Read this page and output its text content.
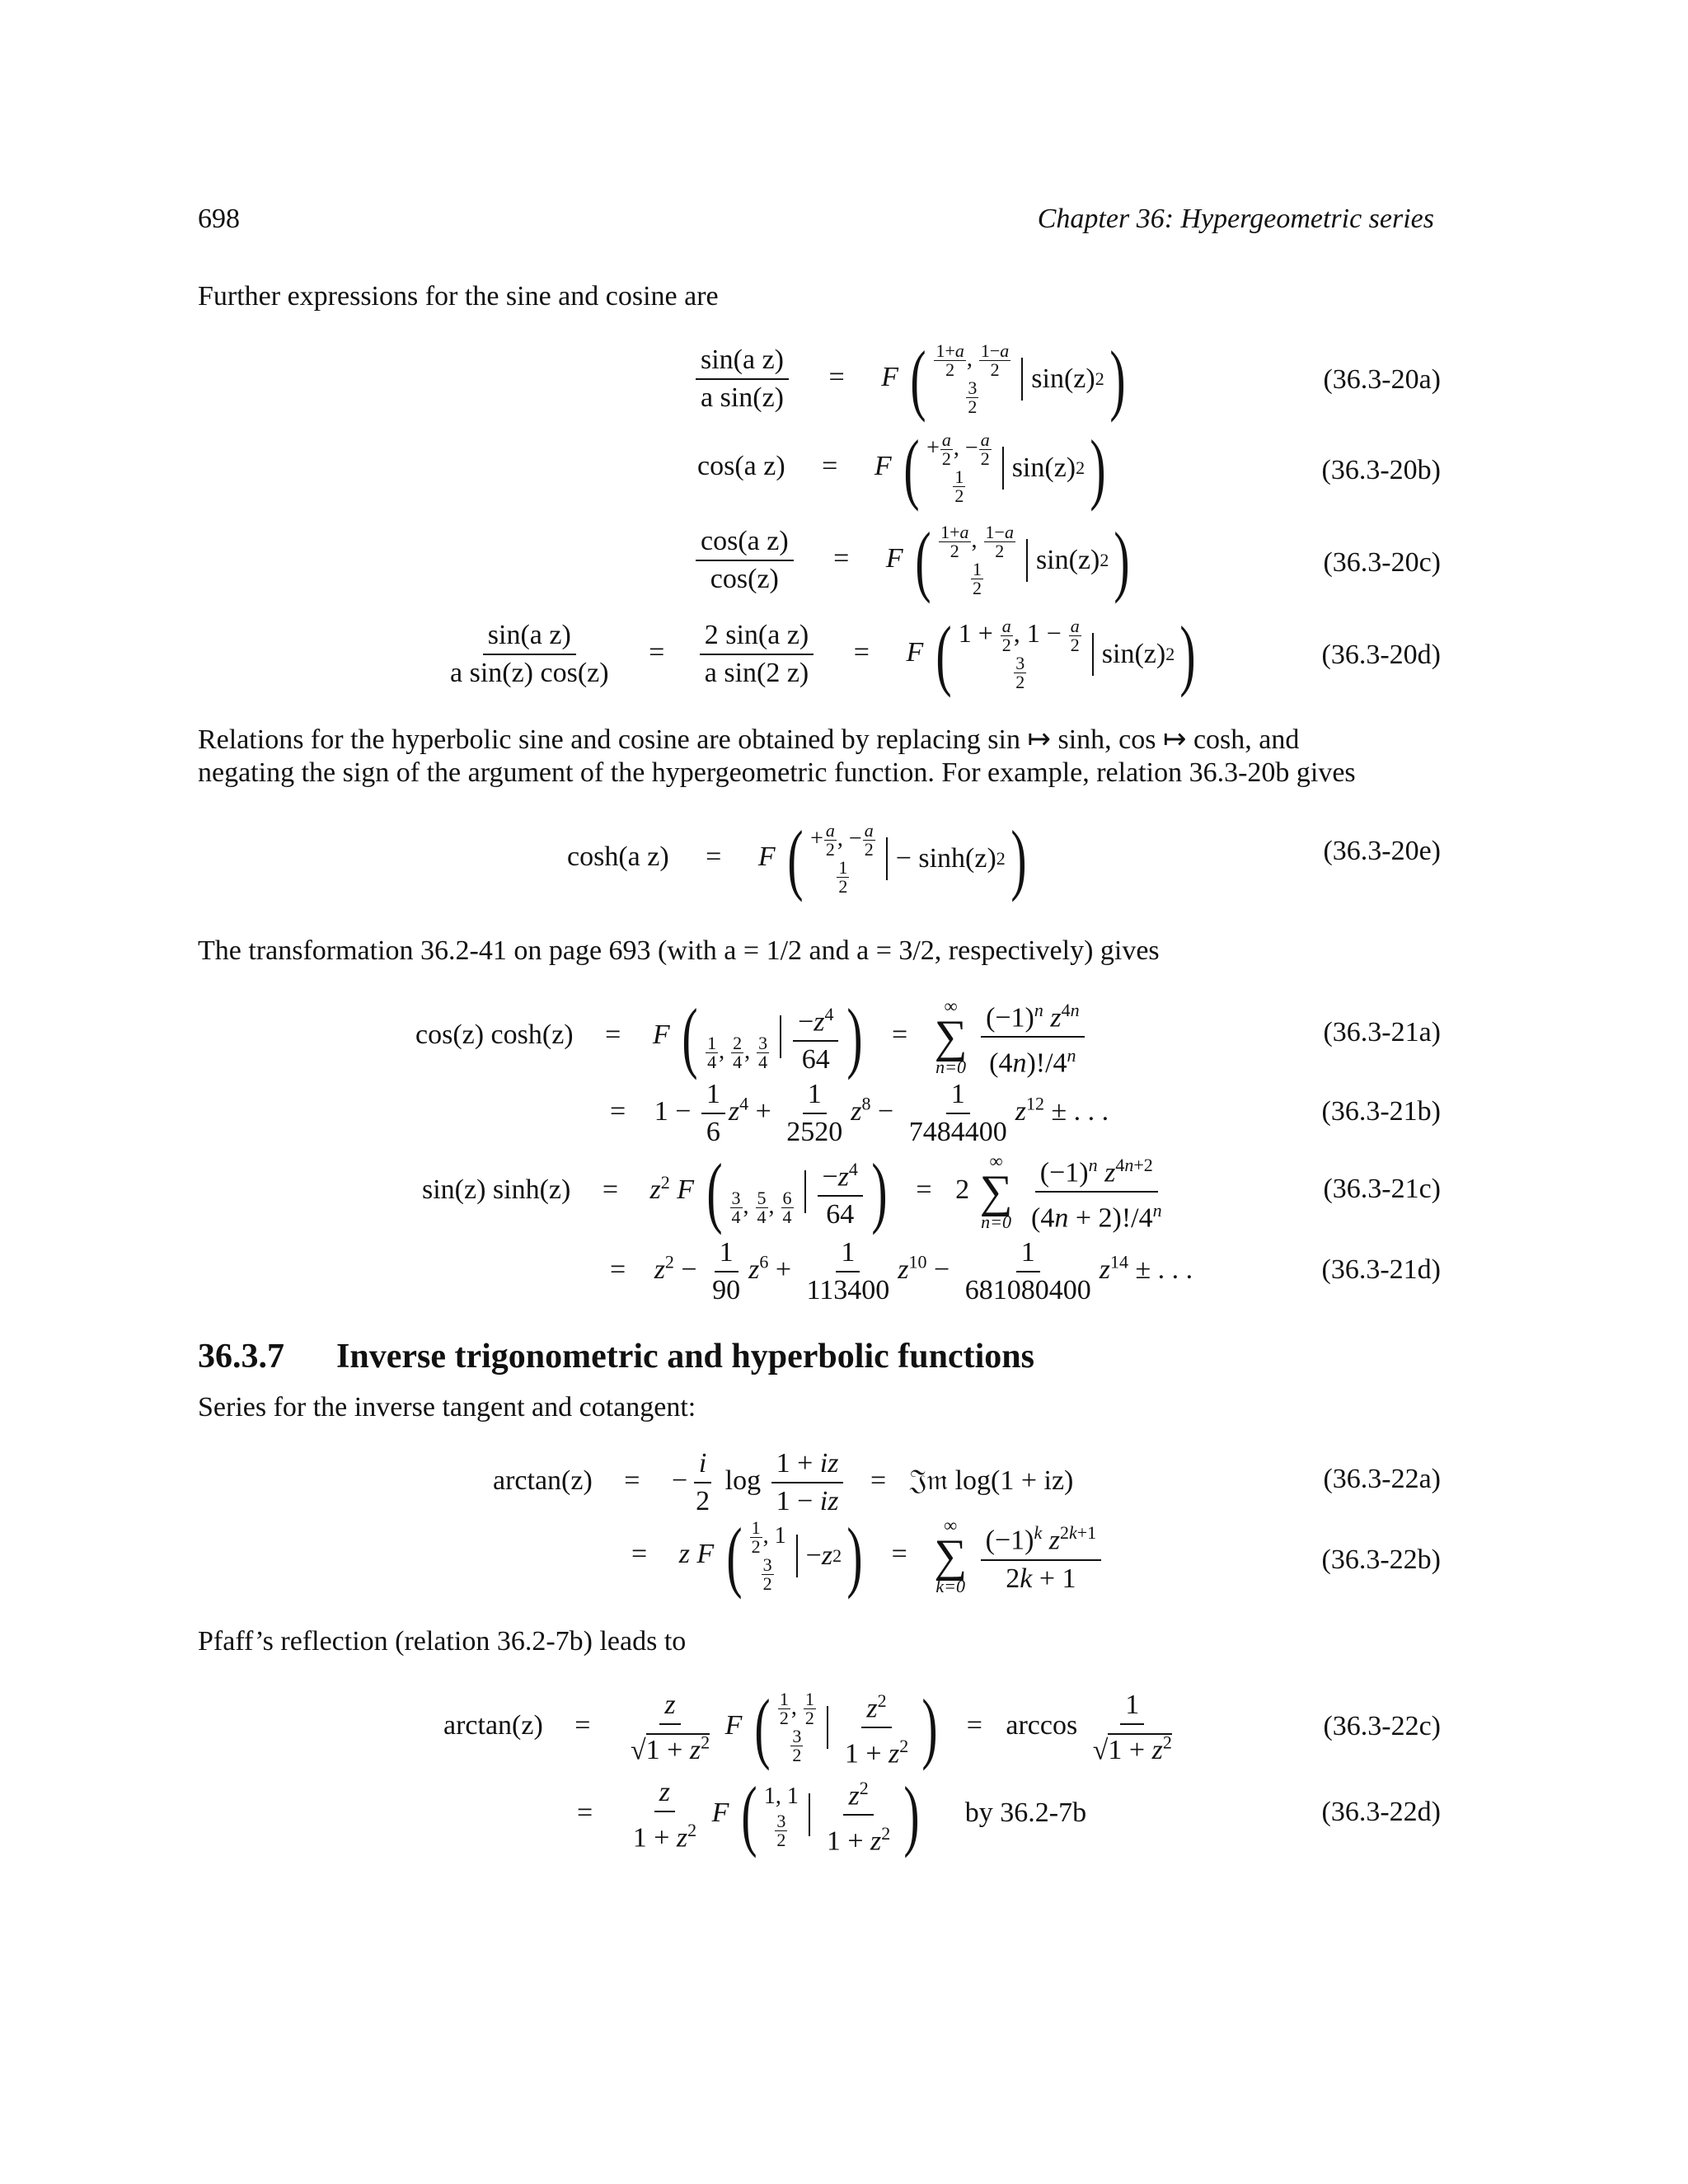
698	Chapter 36: Hypergeometric series
Further expressions for the sine and cosine are
$\frac{\text{sin(a z)}}{\text{a sin(z)}} = F$ ( $\frac{1+a}{2}$ , $\frac{1-a}{2}$
$\frac{3}{2}$
sin(z) 2 )	(36.3-20a)
cos(a z) = F ( + $\frac{a}{2}$ , − $\frac{a}{2}$
$\frac{1}{2}$
sin(z) 2 )	(36.3-20b)
$\frac{\text{cos(a z)}}{\cos(z)} = F$ ( $\frac{1+a}{2}$ , $\frac{1-a}{2}$
$\frac{1}{2}$
sin(z) 2 )	(36.3-20c)
$\frac{\text{sin(a z)}}{\text{a sin(z) cos(z)}} = \frac{\text{2 sin(a z)}}{\text{a sin(2 z)}} = F$ ( $1 + \frac{a}{2}$ , $1 - \frac{a}{2}$
$\frac{3}{2}$
sin(z) 2 )	(36.3-20d)
Relations for the hyperbolic sine and cosine are obtained by replacing sin ↦ sinh, cos ↦ cosh, and
negating the sign of the argument of the hypergeometric function. For example, relation 36.3-20b gives
cosh(a z) = F ( + $\frac{a}{2}$ , − $\frac{a}{2}$
$\frac{1}{2}$
− sinh(z) 2 )	(36.3-20e)
The transformation 36.2-41 on page 693 (with a = 1/2 and a = 3/2, respectively) gives
cos(z) cosh(z) = F (
$\frac{1}{4}$ , $\frac{2}{4}$ , $\frac{3}{4} \frac{-z^4}{64}$ ) =
∞
∑
n=0
$\frac{(-1)^n z^{4n}}{(4n)!/4^n}$	(36.3-21a)
= $1 - \frac{1}{6} z^4 + \frac{1}{2520} z^8 - \frac{1}{7484400} z^{12}$ ± . . .	(36.3-21b)
sin(z) $\sinh(z) = z^2$ F (
$\frac{3}{4}$ , $\frac{5}{4}$ , $\frac{6}{4} \frac{-z^4}{64}$ ) = 2
∞
∑
n=0
$\frac{(-1)^n z^{4n+2}}{(4n + 2)!/4^n}$	(36.3-21c)
= $z^2 - \frac{1}{90} z^6 + \frac{1}{113400} z^{10} - \frac{1}{681080400} z^{14}$ ± . . .	(36.3-21d)
36.3.7 Inverse trigonometric and hyperbolic functions
Series for the inverse tangent and cotangent:
arctan(z) = − $\frac{i}{2}$ $\log \frac{1 + iz}{1 - iz}$ = 𝔍𝔪 log(1 + iz)	(36.3-22a)
= z F ( $\frac{1}{2}$ , 1
$\frac{3}{2}$
− z 2 ) =
∞
∑
k=0
$\frac{(-1)^k z^{2k+1}}{2k + 1}$	(36.3-22b)
Pfaff’s reflection (relation 36.2-7b) leads to
$\arctan(z) = \frac{z}{√1 + z^2}$ F ( $\frac{1}{2}$ , $\frac{1}{2}$
$\frac{3}{2} \frac{z^2}{1 + z^2}$ ) = $\arccos \frac{1}{√1 + z^2}$	(36.3-22c)
= $\frac{z}{1 + z^2}$ F ( 1, 1
$\frac{3}{2} \frac{z^2}{1 + z^2}$ ) by 36.2-7b	(36.3-22d)
